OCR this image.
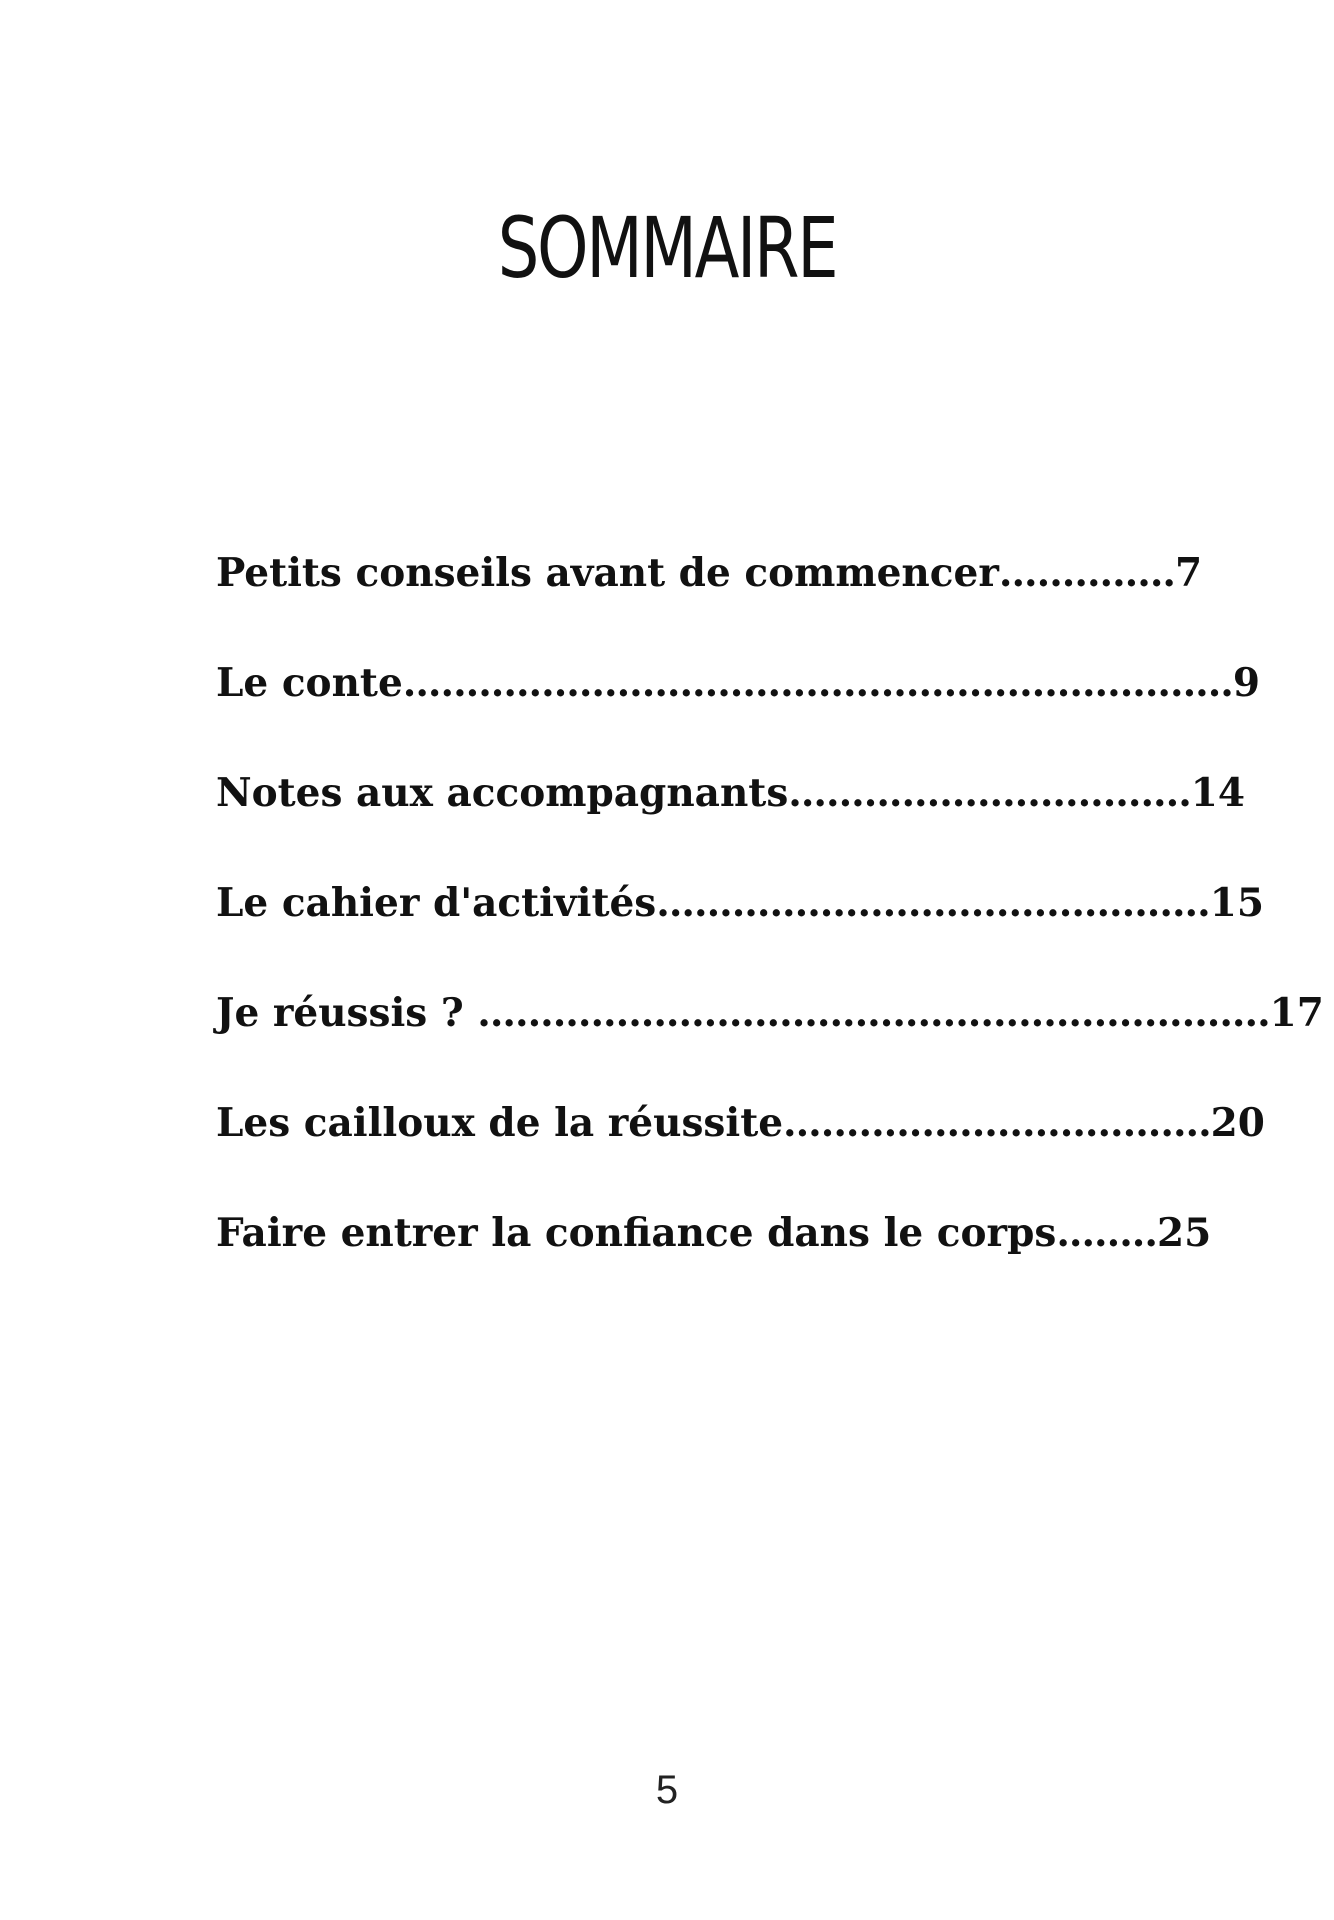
SOMMAIRE
Petits conseils avant de commencer..............7
Le conte..................................................................9
Notes aux accompagnants................................14
Le cahier d'activités............................................15
Je réussis ? ...............................................................17
Les cailloux de la réussite..................................20
Faire entrer la confiance dans le corps........25
5
